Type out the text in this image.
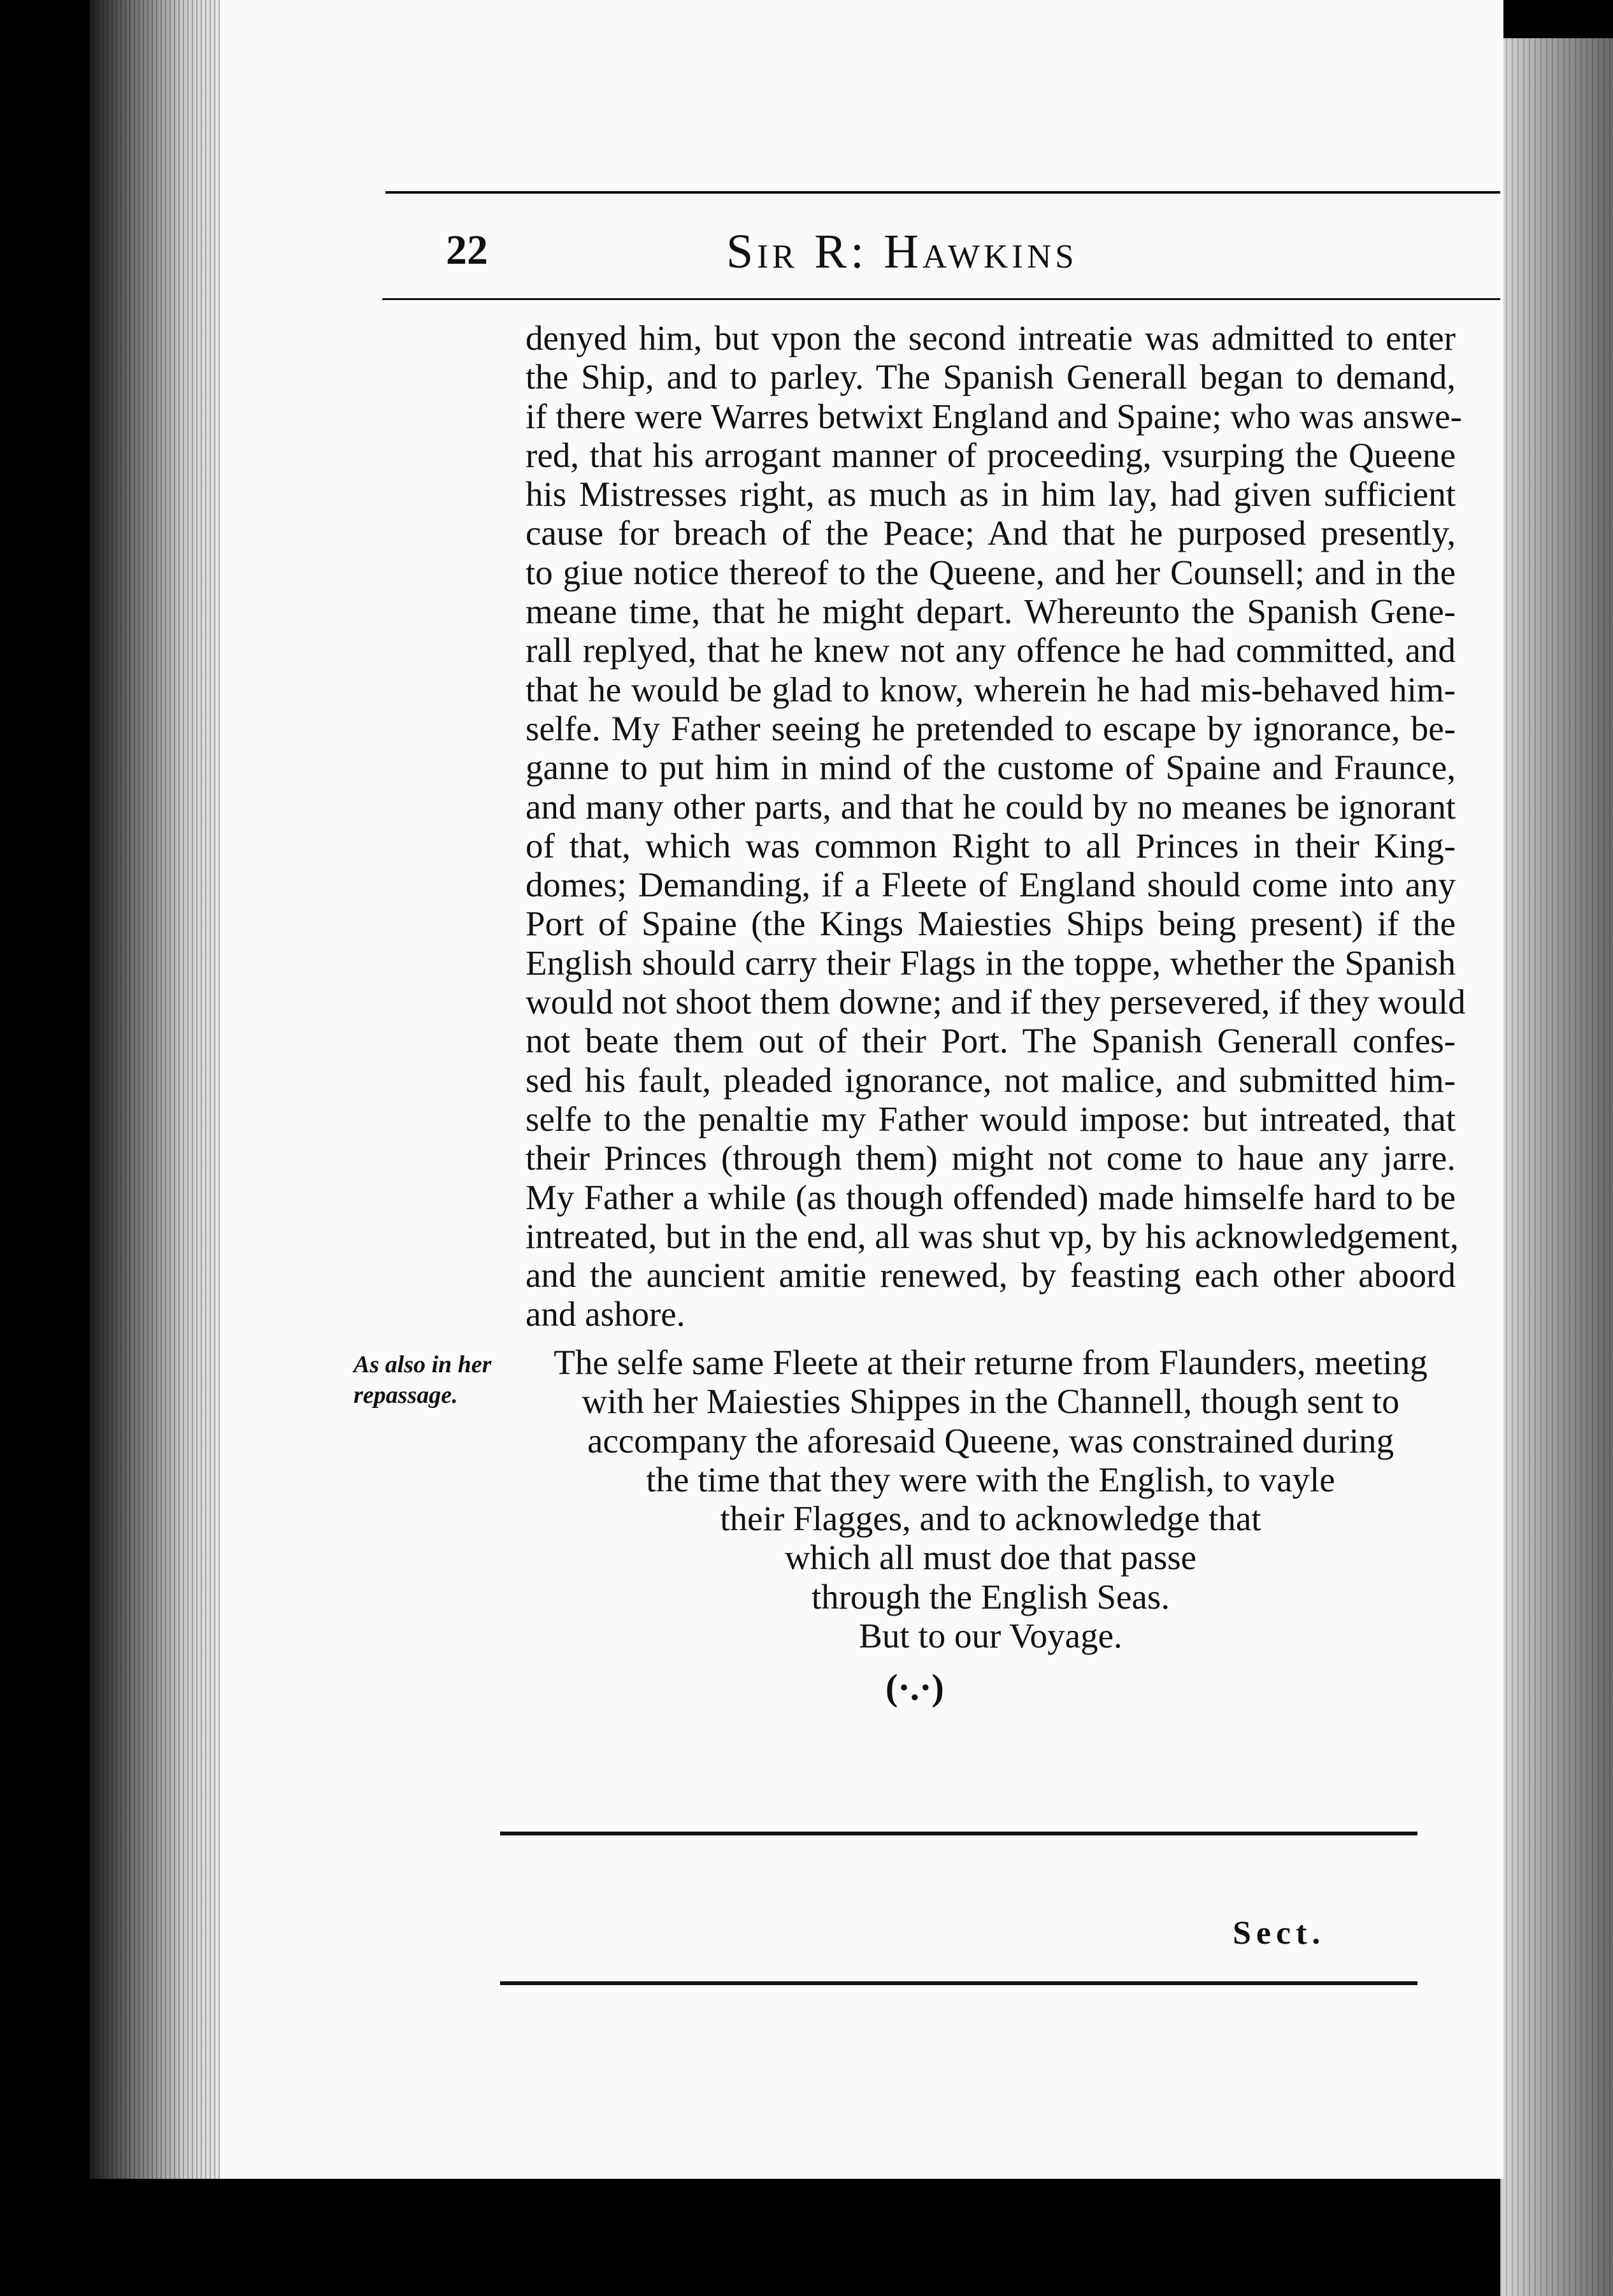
22	Sir R: Hawkins
denyed him, but vpon the second intreatie was admitted to enter
the Ship, and to parley. The Spanish Generall began to demand,
if there were Warres betwixt England and Spaine; who was answe-
red, that his arrogant manner of proceeding, vsurping the Queene
his Mistresses right, as much as in him lay, had given sufficient
cause for breach of the Peace; And that he purposed presently,
to giue notice thereof to the Queene, and her Counsell; and in the
meane time, that he might depart. Whereunto the Spanish Gene-
rall replyed, that he knew not any offence he had committed, and
that he would be glad to know, wherein he had mis-behaved him-
selfe. My Father seeing he pretended to escape by ignorance, be-
ganne to put him in mind of the custome of Spaine and Fraunce,
and many other parts, and that he could by no meanes be ignorant
of that, which was common Right to all Princes in their King-
domes; Demanding, if a Fleete of England should come into any
Port of Spaine (the Kings Maiesties Ships being present) if the
English should carry their Flags in the toppe, whether the Spanish
would not shoot them downe; and if they persevered, if they would
not beate them out of their Port. The Spanish Generall confes-
sed his fault, pleaded ignorance, not malice, and submitted him-
selfe to the penaltie my Father would impose: but intreated, that
their Princes (through them) might not come to haue any jarre.
My Father a while (as though offended) made himselfe hard to be
intreated, but in the end, all was shut vp, by his acknowledgement,
and the auncient amitie renewed, by feasting each other aboord
and ashore.
As also in her
repassage.
The selfe same Fleete at their returne from Flaunders, meeting
with her Maiesties Shippes in the Channell, though sent to
accompany the aforesaid Queene, was constrained during
the time that they were with the English, to vayle
their Flagges, and to acknowledge that
which all must doe that passe
through the English Seas.
But to our Voyage.
(·.·)
Sect.
